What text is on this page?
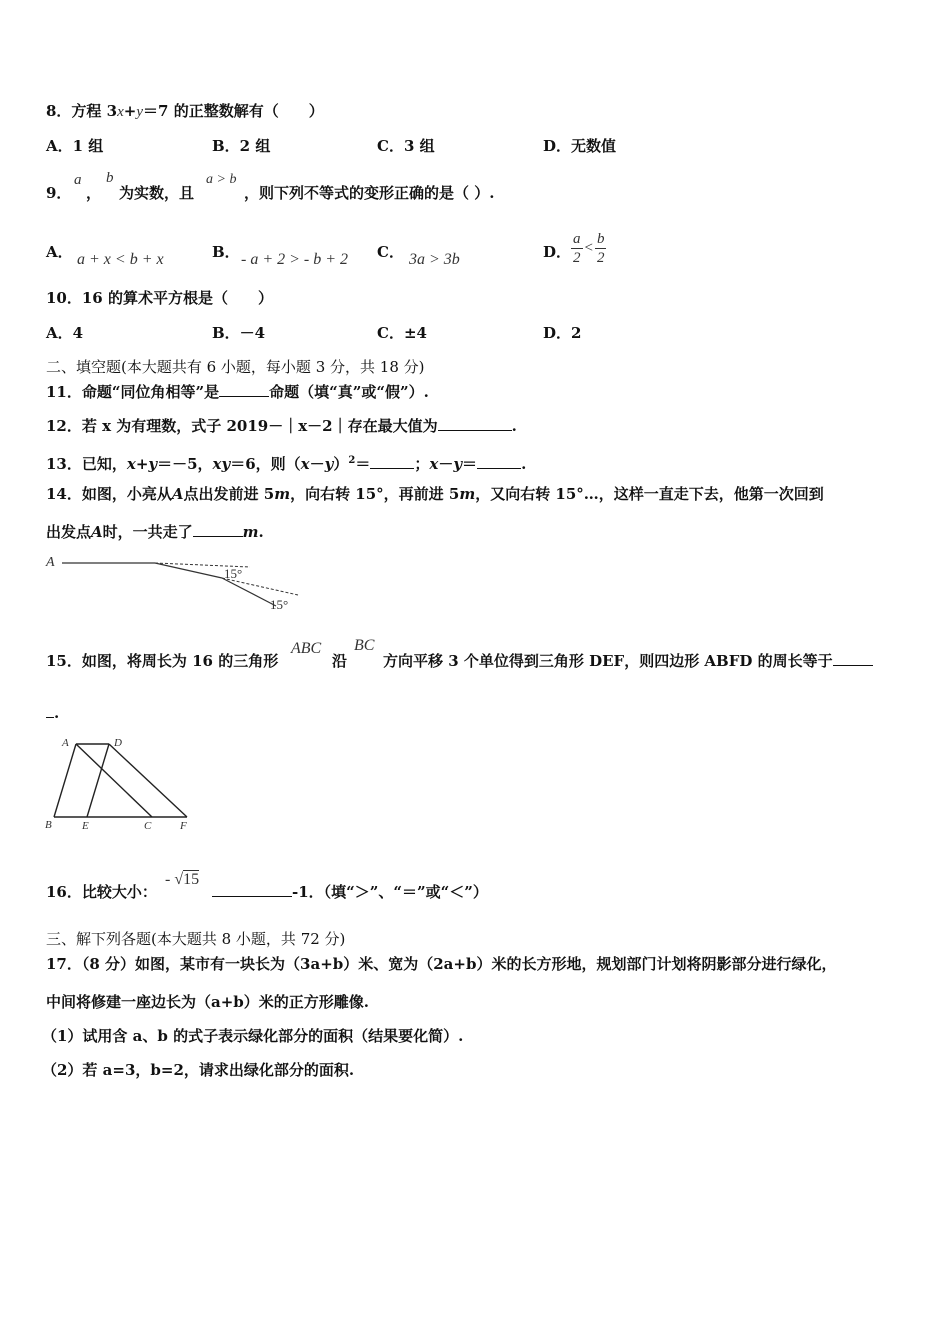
8．方程 3x+y＝7 的正整数解有（　　）
A．1 组	B．2 组	C．3 组	D．无数值
9．
a
，
b
为实数，且
a > b
，则下列不等式的变形正确的是（ ）.
A． a + x < b + x	B． - a + 2 > - b + 2 C． 3a > 3b	D． $\frac{a}{2} < \frac{b}{2}$
10．16 的算术平方根是（　　）
A．4	B．－4	C．±4	D．2
二、填空题(本大题共有 6 小题，每小题 3 分，共 18 分)
11．命题“同位角相等”是	命题（填“真”或“假”）.
12．若 x 为有理数，式子 2019－｜x－2｜存在最大值为	.
13．已知，x+y＝－5，xy＝6，则$(x-y)^2=$	；x－y＝	.
14．如图，小亮从A点出发前进 5m，向右转 15°，再前进 5m，又向右转 15°…，这样一直走下去，他第一次回到
出发点A时，一共走了	m.
A
15°
15°
15．如图，将周长为 16 的三角形
ABC
沿
BC
方向平移 3 个单位得到三角形 DEF，则四边形 ABFD 的周长等于
.
A	D
B	E	C	F
16．比较大小：
- √15
-1．（填“＞”、“＝”或“＜”）
三、解下列各题(本大题共 8 小题，共 72 分)
17．（8 分）如图，某市有一块长为（3a+b）米、宽为（2a+b）米的长方形地，规划部门计划将阴影部分进行绿化，
中间将修建一座边长为（a+b）米的正方形雕像.
（1）试用含 a、b 的式子表示绿化部分的面积（结果要化简）.
（2）若 a=3，b=2，请求出绿化部分的面积.
